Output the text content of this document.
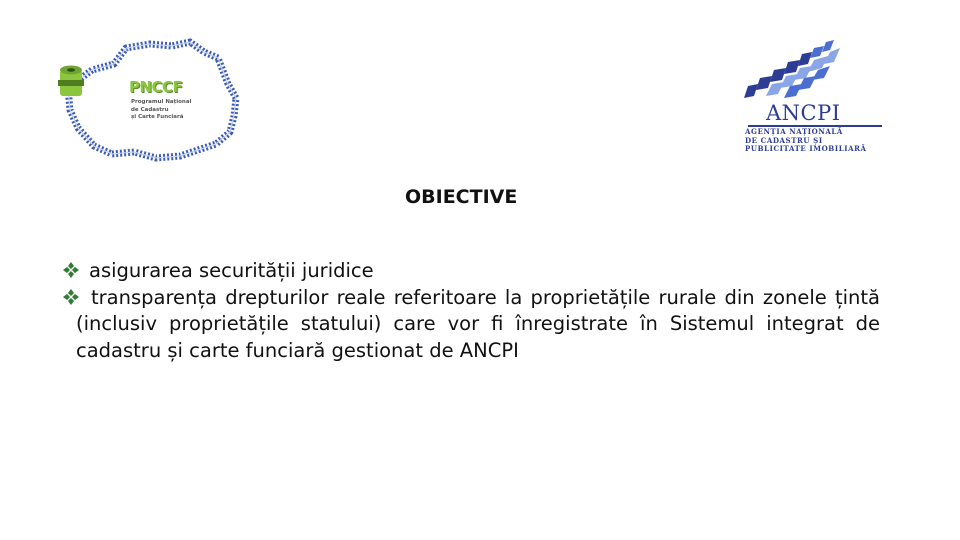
PNCCF
Programul Național
de Cadastru
și Carte Funciară	ANCPI
AGENȚIA NAȚIONALĂ
DE CADASTRU ȘI
PUBLICITATE IMOBILIARĂ
OBIECTIVE
asigurarea securității juridice
transparența drepturilor reale referitoare la proprietățile rurale din zonele țintă (inclusiv proprietățile statului) care vor fi înregistrate în Sistemul integrat de cadastru și carte funciară gestionat de ANCPI
